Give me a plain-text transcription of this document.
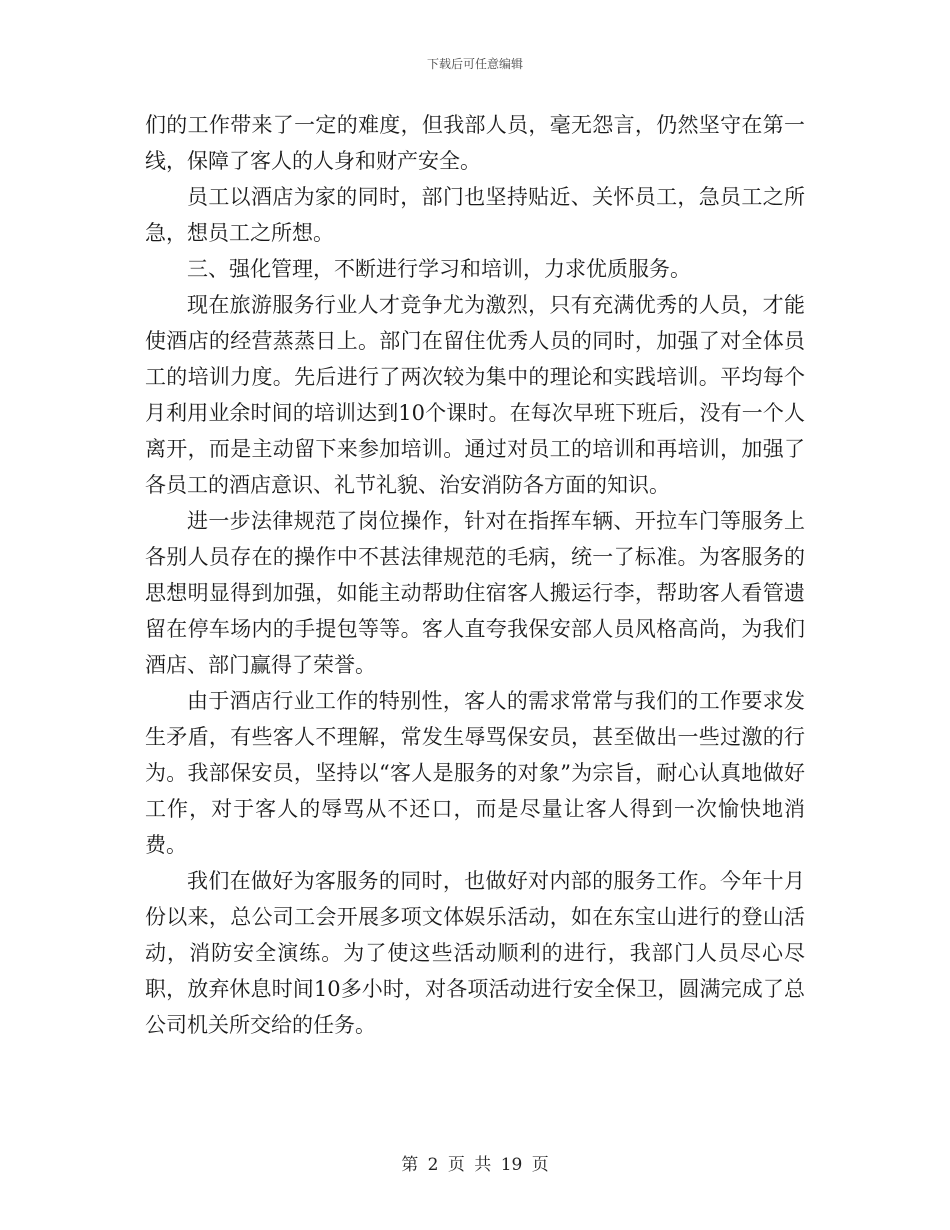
下载后可任意编辑

们的工作带来了一定的难度，但我部人员，毫无怨言，仍然坚守在第一线，保障了客人的人身和财产安全。

员工以酒店为家的同时，部门也坚持贴近、关怀员工，急员工之所急，想员工之所想。

三、强化管理，不断进行学习和培训，力求优质服务。

现在旅游服务行业人才竞争尤为激烈，只有充满优秀的人员，才能使酒店的经营蒸蒸日上。部门在留住优秀人员的同时，加强了对全体员工的培训力度。先后进行了两次较为集中的理论和实践培训。平均每个月利用业余时间的培训达到10个课时。在每次早班下班后，没有一个人离开，而是主动留下来参加培训。通过对员工的培训和再培训，加强了各员工的酒店意识、礼节礼貌、治安消防各方面的知识。

进一步法律规范了岗位操作，针对在指挥车辆、开拉车门等服务上各别人员存在的操作中不甚法律规范的毛病，统一了标准。为客服务的思想明显得到加强，如能主动帮助住宿客人搬运行李，帮助客人看管遗留在停车场内的手提包等等。客人直夸我保安部人员风格高尚，为我们酒店、部门赢得了荣誉。

由于酒店行业工作的特别性，客人的需求常常与我们的工作要求发生矛盾，有些客人不理解，常发生辱骂保安员，甚至做出一些过激的行为。我部保安员，坚持以“客人是服务的对象”为宗旨，耐心认真地做好工作，对于客人的辱骂从不还口，而是尽量让客人得到一次愉快地消费。

我们在做好为客服务的同时，也做好对内部的服务工作。今年十月份以来，总公司工会开展多项文体娱乐活动，如在东宝山进行的登山活动，消防安全演练。为了使这些活动顺利的进行，我部门人员尽心尽职，放弃休息时间10多小时，对各项活动进行安全保卫，圆满完成了总公司机关所交给的任务。

第 2 页 共 19 页
